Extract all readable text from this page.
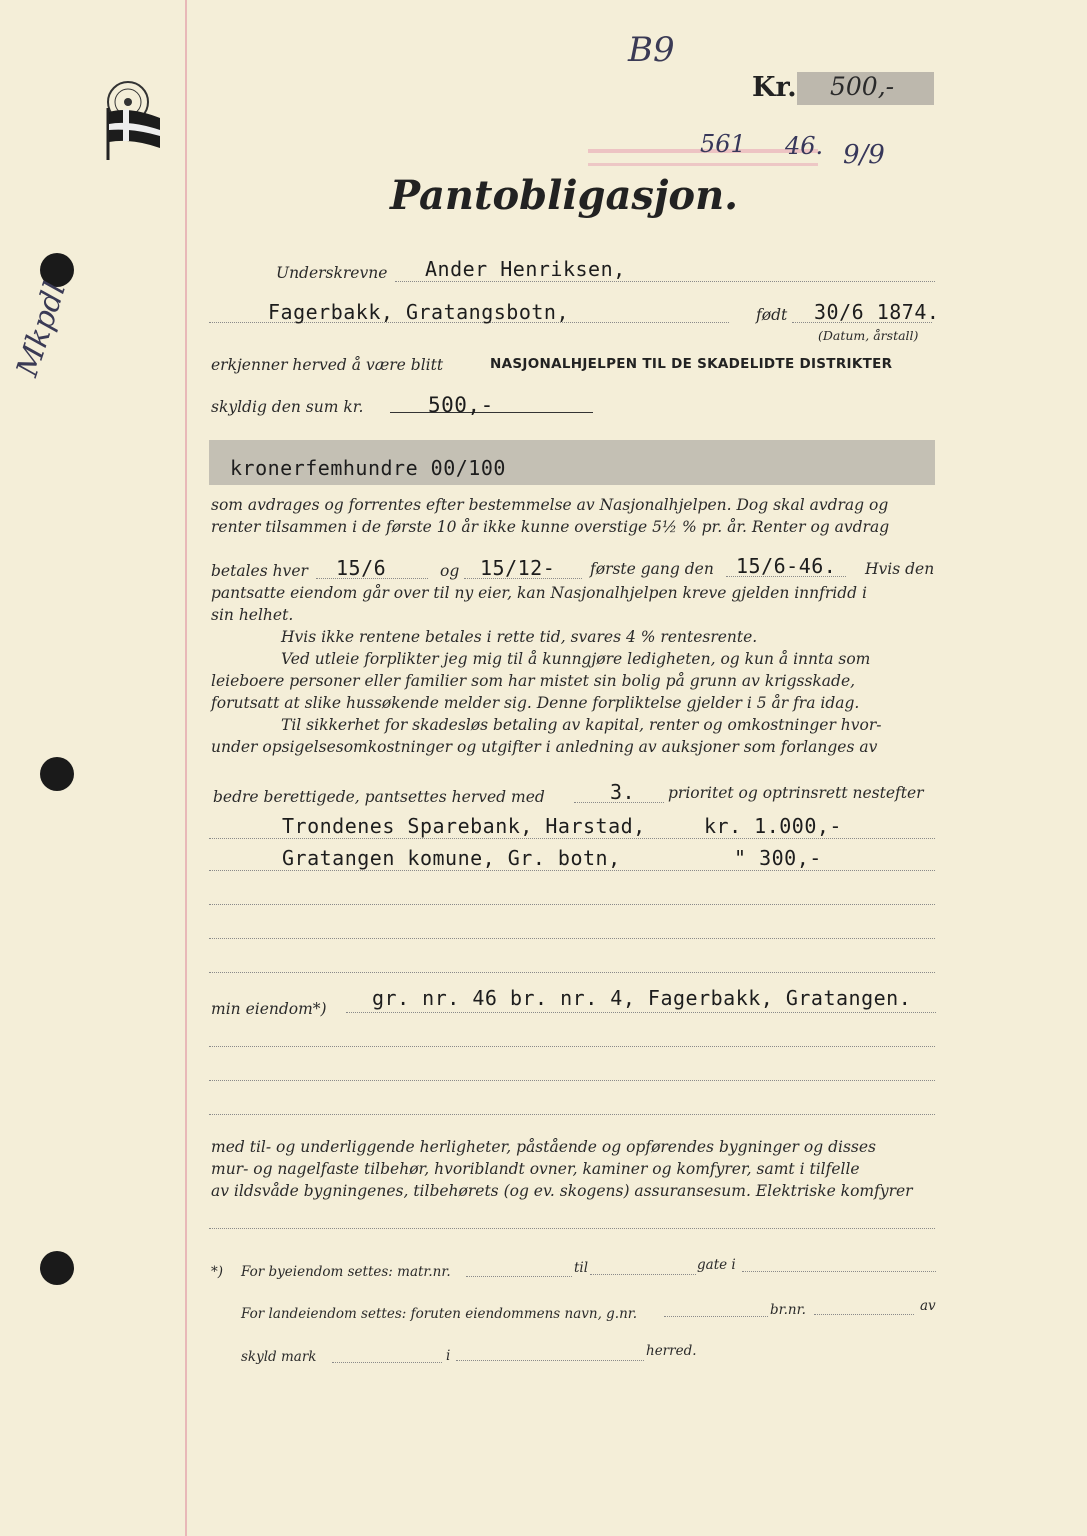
B9
Kr. 500,-
561 46. 9/9
Mkpdl
Pantobligasjon.
Underskrevne Ander Henriksen,
Fagerbakk, Gratangsbotn,	født 30/6 1874.
(Datum, årstall)
erkjenner herved å være blitt	NASJONALHJELPEN TIL DE SKADELIDTE DISTRIKTER
skyldig den sum kr.	500,-
kronerfemhundre 00/100
som avdrages og forrentes efter bestemmelse av Nasjonalhjelpen. Dog skal avdrag og
renter tilsammen i de første 10 år ikke kunne overstige 5½ % pr. år. Renter og avdrag
betales hver 15/6	og 15/12- første gang den 15/6-46. Hvis den
pantsatte eiendom går over til ny eier, kan Nasjonalhjelpen kreve gjelden innfridd i
sin helhet.
Hvis ikke rentene betales i rette tid, svares 4 % rentesrente.
Ved utleie forplikter jeg mig til å kunngjøre ledigheten, og kun å innta som
leieboere personer eller familier som har mistet sin bolig på grunn av krigsskade,
forutsatt at slike hussøkende melder sig. Denne forpliktelse gjelder i 5 år fra idag.
Til sikkerhet for skadesløs betaling av kapital, renter og omkostninger hvor-
under opsigelsesomkostninger og utgifter i anledning av auksjoner som forlanges av
bedre berettigede, pantsettes herved med	3. prioritet og optrinsrett nestefter
Trondenes Sparebank, Harstad,	kr. 1.000,-
Gratangen komune, Gr. botn,	" 300,-
min eiendom*) gr. nr. 46 br. nr. 4, Fagerbakk, Gratangen.
med til- og underliggende herligheter, påstående og opførendes bygninger og disses
mur- og nagelfaste tilbehør, hvoriblandt ovner, kaminer og komfyrer, samt i tilfelle
av ildsvåde bygningenes, tilbehørets (og ev. skogens) assuransesum. Elektriske komfyrer
*) For byeiendom settes: matr.nr.	til	gate i
For landeiendom settes: foruten eiendommens navn, g.nr.	br.nr.	av
skyld mark	i	herred.
